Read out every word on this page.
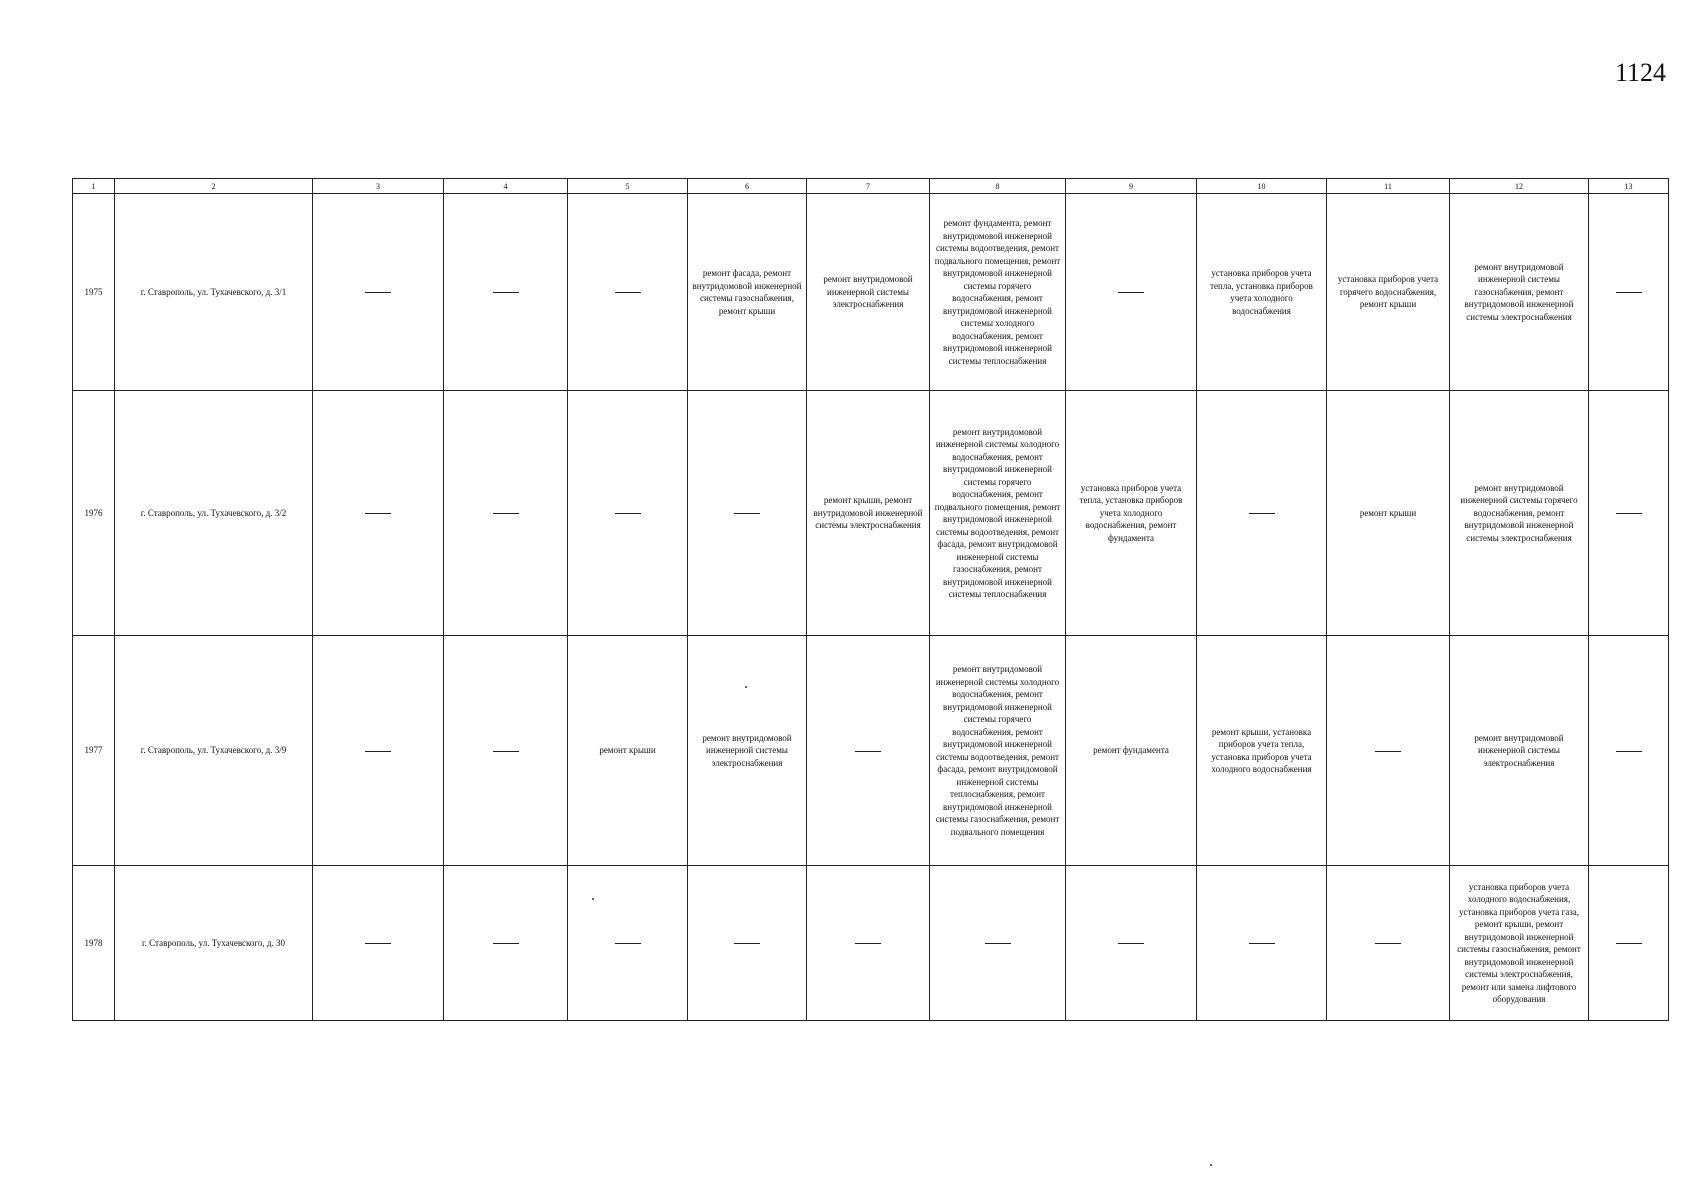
1124
1	2	3	4	5	6	7	8	9	10	11	12	13
1975	г. Ставрополь, ул. Тухачевского, д. 3/1				ремонт фасада, ремонт внутридомовой инженерной системы газоснабжения, ремонт крыши	ремонт внутридомовой инженерной системы электроснабжения	ремонт фундамента, ремонт внутридомовой инженерной системы водоотведения, ремонт подвального помещения, ремонт внутридомовой инженерной системы горячего водоснабжения, ремонт внутридомовой инженерной системы холодного водоснабжения, ремонт внутридомовой инженерной системы теплоснабжения		установка приборов учета тепла, установка приборов учета холодного водоснабжения	установка приборов учета горячего водоснабжения, ремонт крыши	ремонт внутридомовой инженерной системы газоснабжения, ремонт внутридомовой инженерной системы электроснабжения	
1976	г. Ставрополь, ул. Тухачевского, д. 3/2					ремонт крыши, ремонт внутридомовой инженерной системы электроснабжения	ремонт внутридомовой инженерной системы холодного водоснабжения, ремонт внутридомовой инженерной системы горячего водоснабжения, ремонт подвального помещения, ремонт внутридомовой инженерной системы водоотведения, ремонт фасада, ремонт внутридомовой инженерной системы газоснабжения, ремонт внутридомовой инженерной системы теплоснабжения	установка приборов учета тепла, установка приборов учета холодного водоснабжения, ремонт фундамента		ремонт крыши	ремонт внутридомовой инженерной системы горячего водоснабжения, ремонт внутридомовой инженерной системы электроснабжения	
1977	г. Ставрополь, ул. Тухачевского, д. 3/9			ремонт крыши	ремонт внутридомовой инженерной системы электроснабжения		ремонт внутридомовой инженерной системы холодного водоснабжения, ремонт внутридомовой инженерной системы горячего водоснабжения, ремонт внутридомовой инженерной системы водоотведения, ремонт фасада, ремонт внутридомовой инженерной системы теплоснабжения, ремонт внутридомовой инженерной системы газоснабжения, ремонт подвального помещения	ремонт фундамента	ремонт крыши, установка приборов учета тепла, установка приборов учета холодного водоснабжения		ремонт внутридомовой инженерной системы электроснабжения	
1978	г. Ставрополь, ул. Тухачевского, д. 30										установка приборов учета холодного водоснабжения, установка приборов учета газа, ремонт крыши, ремонт внутридомовой инженерной системы газоснабжения, ремонт внутридомовой инженерной системы электроснабжения, ремонт или замена лифтового оборудования	
